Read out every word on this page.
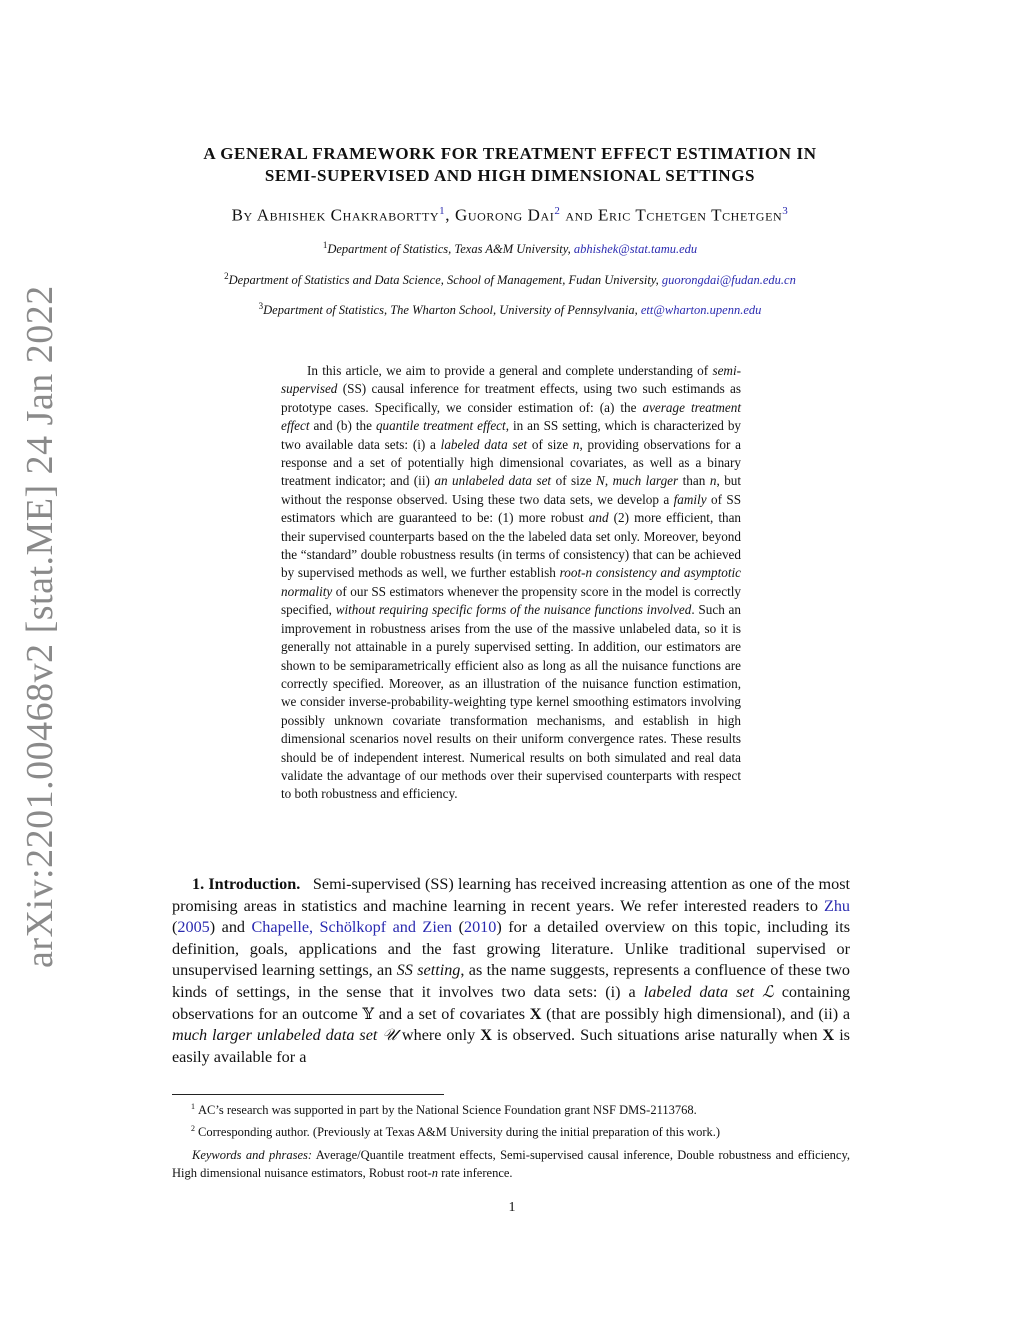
arXiv:2201.00468v2 [stat.ME] 24 Jan 2022
A GENERAL FRAMEWORK FOR TREATMENT EFFECT ESTIMATION IN
SEMI-SUPERVISED AND HIGH DIMENSIONAL SETTINGS
By Abhishek Chakrabortty$^1$, Guorong Dai$^2$ and Eric Tchetgen Tchetgen$^3$
$^1$Department of Statistics, Texas A&M University, abhishek@stat.tamu.edu
$^2$Department of Statistics and Data Science, School of Management, Fudan University, guorongdai@fudan.edu.cn
$^3$Department of Statistics, The Wharton School, University of Pennsylvania, ett@wharton.upenn.edu

In this article, we aim to provide a general and complete understanding of semi-supervised (SS) causal inference for treatment effects, using two such estimands as prototype cases. Specifically, we consider estimation of: (a) the average treatment effect and (b) the quantile treatment effect, in an SS setting, which is characterized by two available data sets: (i) a labeled data set of size n, providing observations for a response and a set of potentially high dimensional covariates, as well as a binary treatment indicator; and (ii) an unlabeled data set of size N, much larger than n, but without the response observed. Using these two data sets, we develop a family of SS estimators which are guaranteed to be: (1) more robust and (2) more efficient, than their supervised counterparts based on the the labeled data set only. Moreover, beyond the “standard” double robustness results (in terms of consistency) that can be achieved by supervised methods as well, we further establish root-n consistency and asymptotic normality of our SS estimators whenever the propensity score in the model is correctly specified, without requiring specific forms of the nuisance functions involved. Such an improvement in robustness arises from the use of the massive unlabeled data, so it is generally not attainable in a purely supervised setting. In addition, our estimators are shown to be semiparametrically efficient also as long as all the nuisance functions are correctly specified. Moreover, as an illustration of the nuisance function estimation, we consider inverse-probability-weighting type kernel smoothing estimators involving possibly unknown covariate transformation mechanisms, and establish in high dimensional scenarios novel results on their uniform convergence rates. These results should be of independent interest. Numerical results on both simulated and real data validate the advantage of our methods over their supervised counterparts with respect to both robustness and efficiency.

1. Introduction. Semi-supervised (SS) learning has received increasing attention as one of the most promising areas in statistics and machine learning in recent years. We refer interested readers to Zhu (2005) and Chapelle, Schölkopf and Zien (2010) for a detailed overview on this topic, including its definition, goals, applications and the fast growing literature. Unlike traditional supervised or unsupervised learning settings, an SS setting, as the name suggests, represents a confluence of these two kinds of settings, in the sense that it involves two data sets: (i) a labeled data set ℒ containing observations for an outcome 𝕐 and a set of covariates X (that are possibly high dimensional), and (ii) a much larger unlabeled data set 𝒰 where only X is observed. Such situations arise naturally when X is easily available for a

$^1$ AC’s research was supported in part by the National Science Foundation grant NSF DMS-2113768.
$^2$ Corresponding author. (Previously at Texas A&M University during the initial preparation of this work.)
Keywords and phrases: Average/Quantile treatment effects, Semi-supervised causal inference, Double robustness and efficiency, High dimensional nuisance estimators, Robust root-n rate inference.
1
